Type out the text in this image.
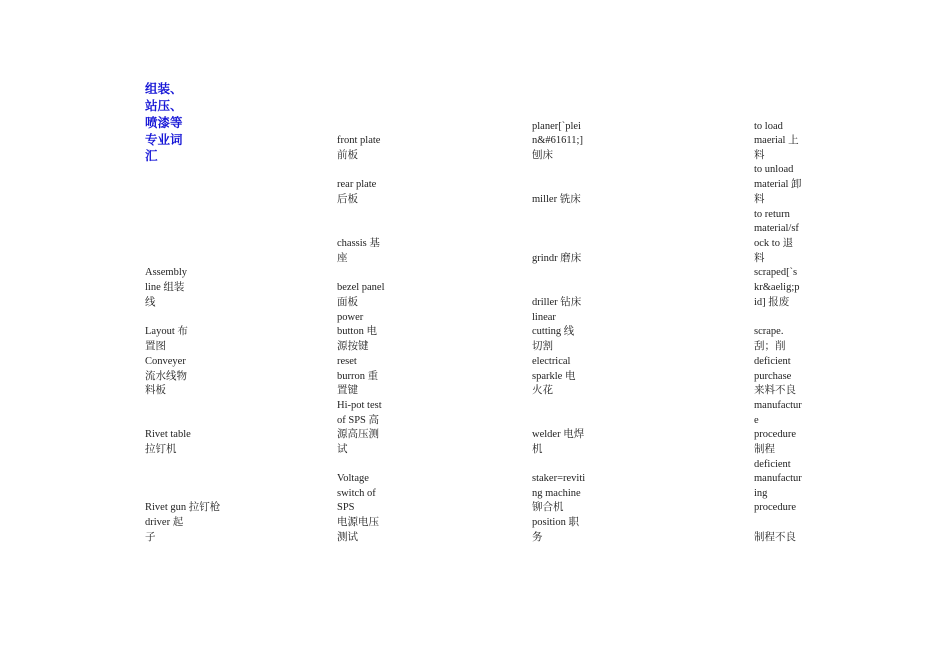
组装、
站压、
喷漆等
专业词
汇
Assembly
line 组装
线
Layout 布
置图
Conveyer
流水线物
料板
Rivet table
拉钉机
Rivet gun 拉钉枪
driver 起
子
front plate
前板
rear plate
后板
chassis 基
座
bezel panel
面板
power
button 电
源按键
reset
burron 重
置键
Hi-pot test
of SPS 高
源高压测
试
Voltage
switch of
SPS
电源电压
测试
planer[`plei
n&#61611;]
刨床
miller 铣床
grindr 磨床
driller 钻床
linear
cutting 线
切割
electrical
sparkle 电
火花
welder 电焊
机
staker=reviti
ng machine
铆合机
position 职
务
to load
maerial 上
料
to unload
material 卸
料
to return
material/sf
ock to 退
料
scraped[`s
kr&aelig;p
id] 报废
scrape.
刮；削
deficient
purchase
来料不良
manufactur
e
procedure
制程
deficient
manufactur
ing
procedure
制程不良
